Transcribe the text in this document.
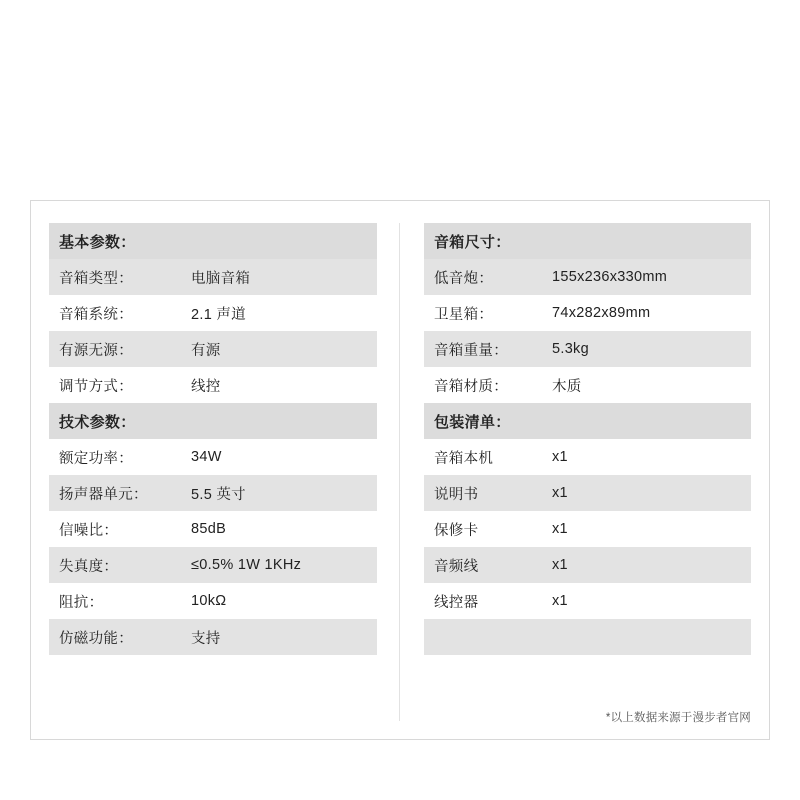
基本参数：
音箱类型：	电脑音箱
音箱系统：	2.1 声道
有源无源：	有源
调节方式：	线控
技术参数：
额定功率：	34W
扬声器单元：	5.5 英寸
信噪比：	85dB
失真度：	≤0.5% 1W 1KHz
阻抗：	10kΩ
仿磁功能：	支持
音箱尺寸：
低音炮：	155x236x330mm
卫星箱：	74x282x89mm
音箱重量：	5.3kg
音箱材质：	木质
包装清单：
音箱本机	x1
说明书	x1
保修卡	x1
音频线	x1
线控器	x1
*以上数据来源于漫步者官网
